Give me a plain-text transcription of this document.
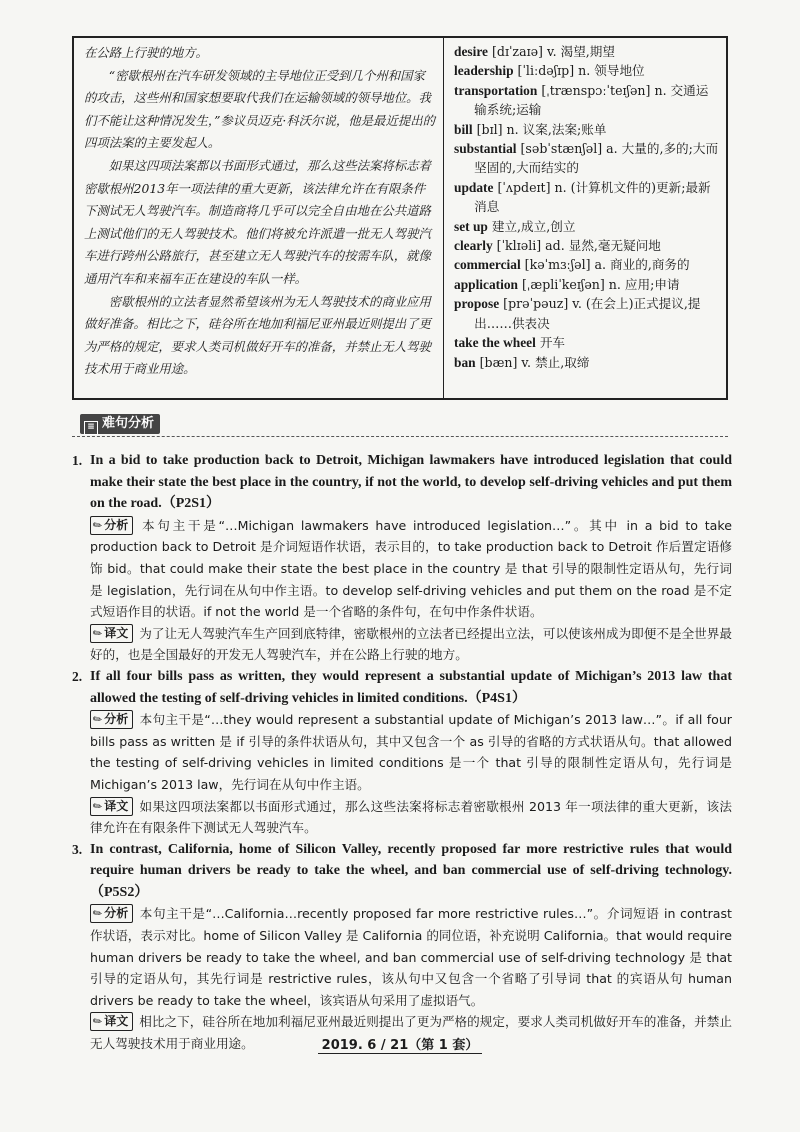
在公路上行驶的地方。

“密歇根州在汽车研发领域的主导地位正受到几个州和国家的攻击，这些州和国家想要取代我们在运输领域的领导地位。我们不能让这种情况发生，”参议员迈克·科沃尔说，他是最近提出的四项法案的主要发起人。

如果这四项法案都以书面形式通过，那么这些法案将标志着密歇根州2013年一项法律的重大更新，该法律允许在有限条件下测试无人驾驶汽车。制造商将几乎可以完全自由地在公共道路上测试他们的无人驾驶技术。他们将被允许派遣一批无人驾驶汽车进行跨州公路旅行，甚至建立无人驾驶汽车的按需车队，就像通用汽车和来福车正在建设的车队一样。

密歇根州的立法者显然希望该州为无人驾驶技术的商业应用做好准备。相比之下，硅谷所在地加利福尼亚州最近则提出了更为严格的规定，要求人类司机做好开车的准备，并禁止无人驾驶技术用于商业用途。

desire [dɪˈzaɪə] v. 渴望,期望

leadership [ˈliːdəʃɪp] n. 领导地位

transportation [ˌtrænspɔːˈteɪʃən] n. 交通运输系统;运输

bill [bɪl] n. 议案,法案;账单

substantial [səbˈstænʃəl] a. 大量的,多的;大而坚固的,大而结实的

update [ˈʌpdeɪt] n. (计算机文件的)更新;最新消息

set up 建立,成立,创立

clearly [ˈklɪəli] ad. 显然,毫无疑问地

commercial [kəˈmɜːʃəl] a. 商业的,商务的

application [ˌæpliˈkeɪʃən] n. 应用;申请

propose [prəˈpəuz] v. (在会上)正式提议,提出……供表决

take the wheel 开车

ban [bæn] v. 禁止,取缔

≡ 难句分析
1. In a bid to take production back to Detroit, Michigan lawmakers have introduced legislation that could make their state the best place in the country, if not the world, to develop self-driving vehicles and put them on the road.（P2S1）

✎分析 本句主干是“…Michigan lawmakers have introduced legislation…”。其中 in a bid to take production back to Detroit 是介词短语作状语，表示目的，to take production back to Detroit 作后置定语修饰 bid。that could make their state the best place in the country 是 that 引导的限制性定语从句，先行词是 legislation，先行词在从句中作主语。to develop self-driving vehicles and put them on the road 是不定式短语作目的状语。if not the world 是一个省略的条件句，在句中作条件状语。

✎译文 为了让无人驾驶汽车生产回到底特律，密歇根州的立法者已经提出立法，可以使该州成为即便不是全世界最好的，也是全国最好的开发无人驾驶汽车，并在公路上行驶的地方。

2. If all four bills pass as written, they would represent a substantial update of Michigan’s 2013 law that allowed the testing of self-driving vehicles in limited conditions.（P4S1）

✎分析 本句主干是“…they would represent a substantial update of Michigan’s 2013 law…”。if all four bills pass as written 是 if 引导的条件状语从句，其中又包含一个 as 引导的省略的方式状语从句。that allowed the testing of self-driving vehicles in limited conditions 是一个 that 引导的限制性定语从句，先行词是 Michigan’s 2013 law，先行词在从句中作主语。

✎译文 如果这四项法案都以书面形式通过，那么这些法案将标志着密歇根州 2013 年一项法律的重大更新，该法律允许在有限条件下测试无人驾驶汽车。

3. In contrast, California, home of Silicon Valley, recently proposed far more restrictive rules that would require human drivers be ready to take the wheel, and ban commercial use of self-driving technology.（P5S2）

✎分析 本句主干是“…California…recently proposed far more restrictive rules…”。介词短语 in contrast 作状语，表示对比。home of Silicon Valley 是 California 的同位语，补充说明 California。that would require human drivers be ready to take the wheel, and ban commercial use of self-driving technology 是 that 引导的定语从句，其先行词是 restrictive rules，该从句中又包含一个省略了引导词 that 的宾语从句 human drivers be ready to take the wheel，该宾语从句采用了虚拟语气。

✎译文 相比之下，硅谷所在地加利福尼亚州最近则提出了更为严格的规定，要求人类司机做好开车的准备，并禁止无人驾驶技术用于商业用途。	2019. 6 / 21（第 1 套）
